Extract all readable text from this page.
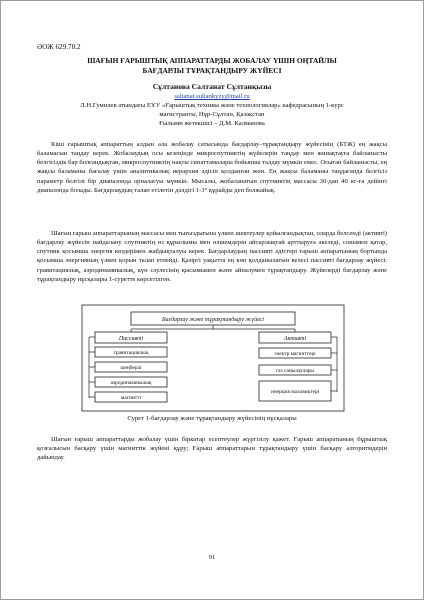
ӘОЖ 629.78.2
ШАҒЫН ҒАРЫШТЫҚ АППАРАТТАРДЫ ЖОБАЛАУ ҮШІН ОҢТАЙЛЫ
БАҒДАРЛЫ ТҰРАҚТАНДЫРУ ЖҮЙЕСІ
Сұлтанова Салтанат Сұлтанқызы
saltanat.sultankyzy@mail.ru
Л.Н.Гумилев атындағы ЕҰУ «Ғарыштық техника және технологиялар» кафедрасының 1-курс
магистранты, Нұр-Сұлтан, Қазақстан
Ғылыми жетекшісі – Д.М. Калманова

Кіші ғарыштық аппараттың алдын ала жобалау сатысында бағдарлау–тұрақтандыру жүйесінің (БТЖ) ең жақсы баламасын таңдау керек. Жобалаудың осы кезеңінде микроспутниктің жүйелерін таңдау мен жинақтауға байланысты белгісіздік бар болғандықтан, микроспутниктің нақты сипаттамалары бойынша талдау мүмкін емес. Осыған байланысты, ең жақсы баламаны бағалау үшін аналитикалық иерархия әдісін қолданған жөн. Ең жақсы баламаны таңдағанда белгісіз параметр белгілі бір диапазонда орналасуы мүмкін. Мысалы, жобаланатын спутниктің массасы 30-дан 40 кг-ға дейінгі диапазонда болады. Бағдарлаудың талап етілетін дәлдігі 1-3° құрайды деп болжайық.

Шағын ғарыш аппараттарының массасы мен тығыздығына үлкен шектеулер қойылғандықтан, оларда белсенді (активті) бағдарлау жүйесін пайдалану спутниктің өз құрылымы мен өлшемдерін айтарлықтай арттыруға әкеледі, сонымен қатар, спутник қосымша энергия көздерімен жабдықталуы керек. Бағдарлаудың пассивті әдістері ғарыш аппаратының бортында қосымша энергияның үлкен қорын талап етпейді. Қазіргі уақытта ең көп қолданылатын келесі пассивті бағдарлау жүйесі: гравитациялық, аэродинамикалық, күн сәулесінің қысымымен және айналумен тұрақтандыру. Жүйелерді бағдарлау және тұрақтандыру нұсқалары 1-суретте көрсетілген.

Бағдарлау және тұрақтандыру жүйесі
Пассивті	Активті
гравитациялық
шеңберлі
аэродинамикалық
магнитті
электр магниттері
газ саңылаулары
инерция маховиктері
Сурет 1-бағдарлау және тұрақтандыру жүйесінің нұсқалары

Шағын ғарыш аппараттарды жобалау үшін біркатар есептеулер жүргізілу қажет. Ғарыш аппаратының бұрыштық қозғалысын басқару үшін магниттік жүйені құру; Ғарыш аппараттарын тұрақтандыру үшін басқару алгоритмдерін дайындау.

91
